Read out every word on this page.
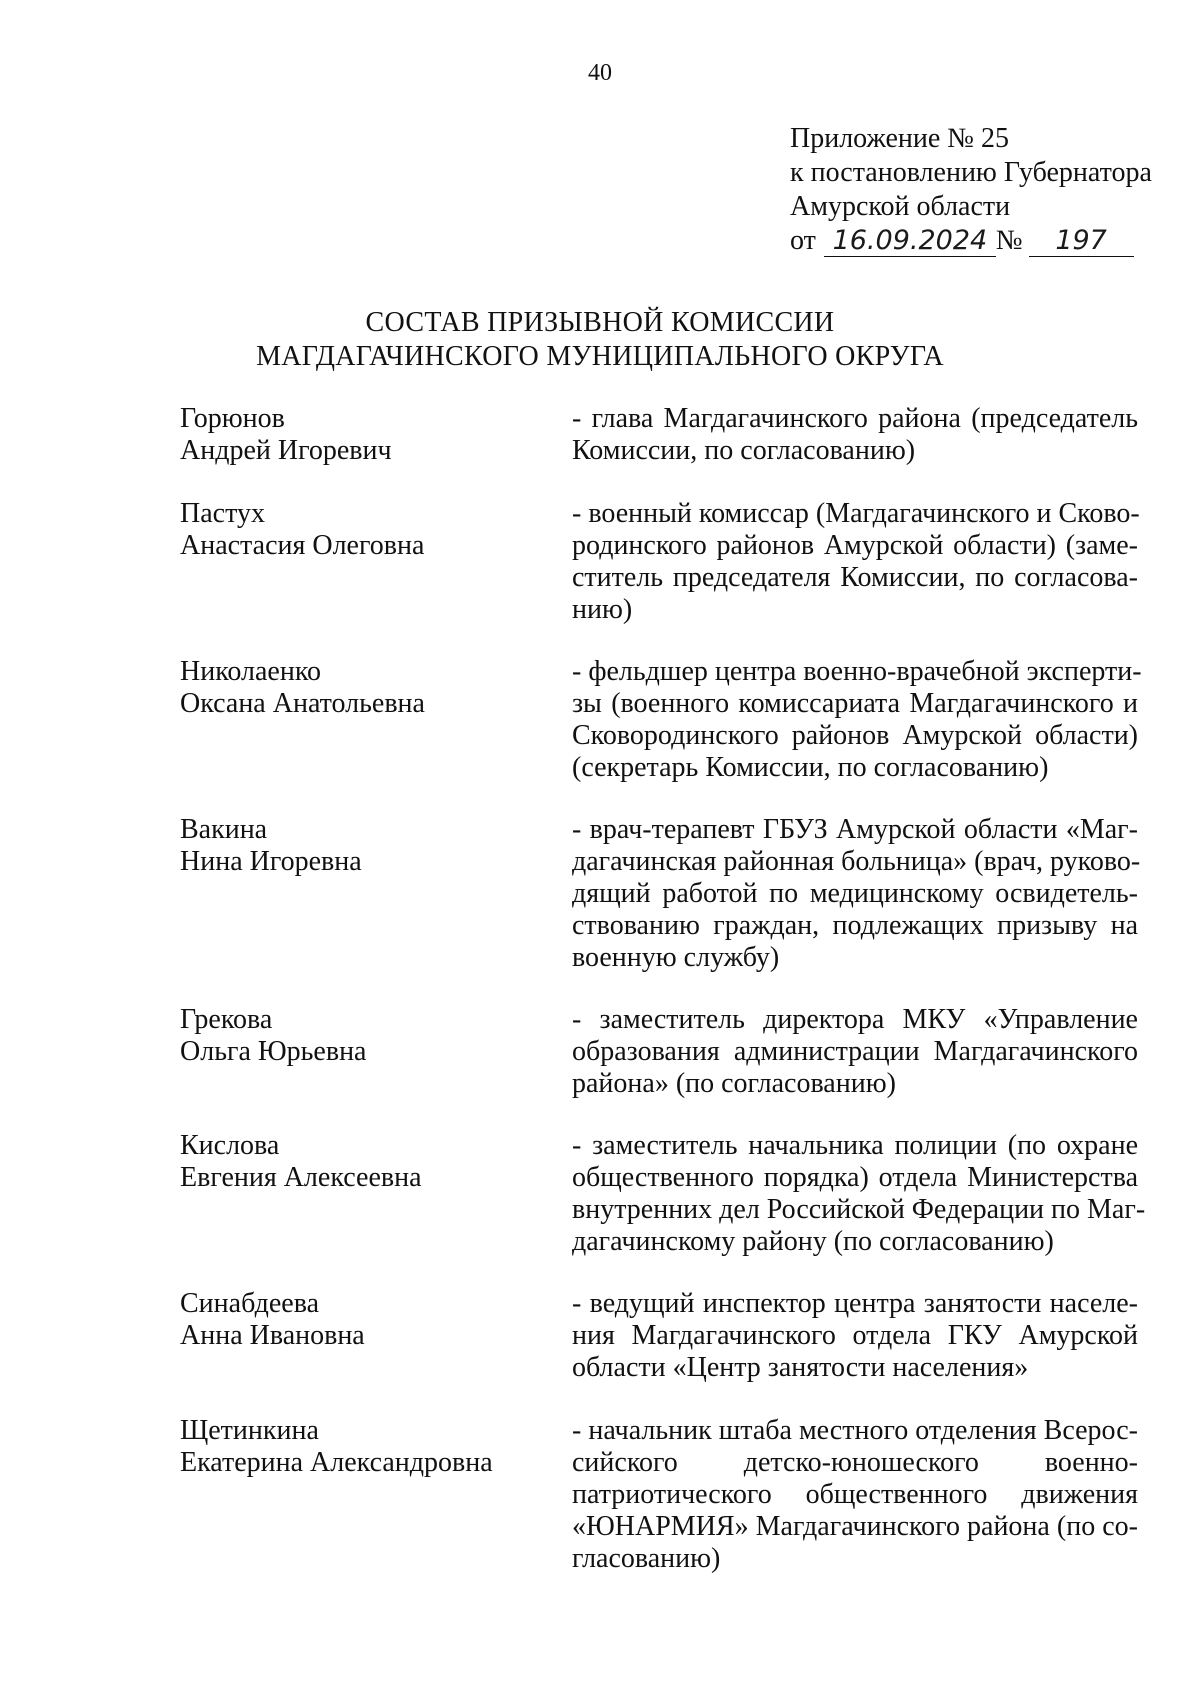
40
Приложение № 25
к постановлению Губернатора
Амурской области
от 16.09.2024 №	197
СОСТАВ ПРИЗЫВНОЙ КОМИССИИ
МАГДАГАЧИНСКОГО МУНИЦИПАЛЬНОГО ОКРУГА
Горюнов
Андрей Игоревич
- глава Магдагачинского района (председатель
Комиссии, по согласованию)
Пастух
Анастасия Олеговна
- военный комиссар (Магдагачинского и Сково-
родинского районов Амурской области) (заме-
ститель председателя Комиссии, по согласова-
нию)
Николаенко
Оксана Анатольевна
- фельдшер центра военно-врачебной эксперти-
зы (военного комиссариата Магдагачинского и
Сковородинского районов Амурской области)
(секретарь Комиссии, по согласованию)
Вакина
Нина Игоревна
- врач-терапевт ГБУЗ Амурской области «Маг-
дагачинская районная больница» (врач, руково-
дящий работой по медицинскому освидетель-
ствованию граждан, подлежащих призыву на
военную службу)
Грекова
Ольга Юрьевна
- заместитель директора МКУ «Управление
образования администрации Магдагачинского
района» (по согласованию)
Кислова
Евгения Алексеевна
- заместитель начальника полиции (по охране
общественного порядка) отдела Министерства
внутренних дел Российской Федерации по Маг-
дагачинскому району (по согласованию)
Синабдеева
Анна Ивановна
- ведущий инспектор центра занятости населе-
ния Магдагачинского отдела ГКУ Амурской
области «Центр занятости населения»
Щетинкина
Екатерина Александровна
- начальник штаба местного отделения Всерос-
сийского детско-юношеского военно-
патриотического общественного движения
«ЮНАРМИЯ» Магдагачинского района (по со-
гласованию)
